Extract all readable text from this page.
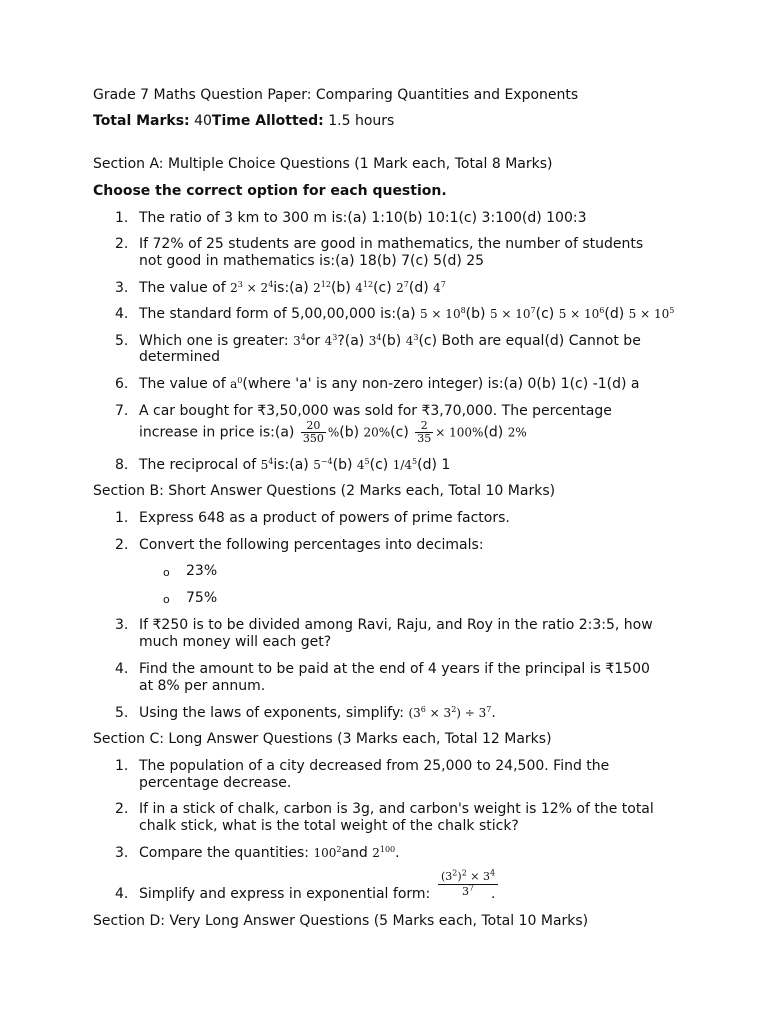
Grade 7 Maths Question Paper: Comparing Quantities and Exponents
Total Marks: 40Time Allotted: 1.5 hours
Section A: Multiple Choice Questions (1 Mark each, Total 8 Marks)
Choose the correct option for each question.
1. The ratio of 3 km to 300 m is:(a) 1:10(b) 10:1(c) 3:100(d) 100:3
2. If 72% of 25 students are good in mathematics, the number of students
not good in mathematics is:(a) 18(b) 7(c) 5(d) 25
3. The value of $2^3$ × $2^4is:(a)$ $2^{12}(b)$ $4^{12}(c)$ $2^7(d)$ $4^7$
4. The standard form of 5,00,00,000 is:(a) $5 \times 10^8(b) 5 \times 10^7(c) 5 \times 10^6(d) 5 \times 10^5$
5. Which one is greater: $3^4or$ $4^3?(a)$ $3^4(b)$ $4^3(c)$ Both are equal(d) Cannot be
determined
6. The value of $a^0(where$ 'a' is any non-zero integer) is:(a) 0(b) 1(c) -1(d) a
7. A car bought for ₹3,50,000 was sold for ₹3,70,000. The percentage
increase in price is:(a) $\frac{20}{350} \%(b)$ $20\%(c) \frac{2}{35} \times 100\%(d)$ 2%
8. The reciprocal of $5^4is:(a)$ $5^{-4}(b)$ $4^5(c)$ $1/4^5(d)$ 1
Section B: Short Answer Questions (2 Marks each, Total 10 Marks)
1. Express 648 as a product of powers of prime factors.
2. Convert the following percentages into decimals:
o 23%
o 75%
3. If ₹250 is to be divided among Ravi, Raju, and Roy in the ratio 2:3:5, how
much money will each get?
4. Find the amount to be paid at the end of 4 years if the principal is ₹1500
at 8% per annum.
5. Using the laws of exponents, simplify: $(3^6 \times 3^2) \div 3^7$.
Section C: Long Answer Questions (3 Marks each, Total 12 Marks)
1. The population of a city decreased from 25,000 to 24,500. Find the
percentage decrease.
2. If in a stick of chalk, carbon is 3g, and carbon's weight is 12% of the total
chalk stick, what is the total weight of the chalk stick?
3. Compare the quantities: $100^2and$ $2^{100}$.
4. Simplify and express in exponential form:
$(3^2)^2 \times 3^4$
$3^7$	.
Section D: Very Long Answer Questions (5 Marks each, Total 10 Marks)
